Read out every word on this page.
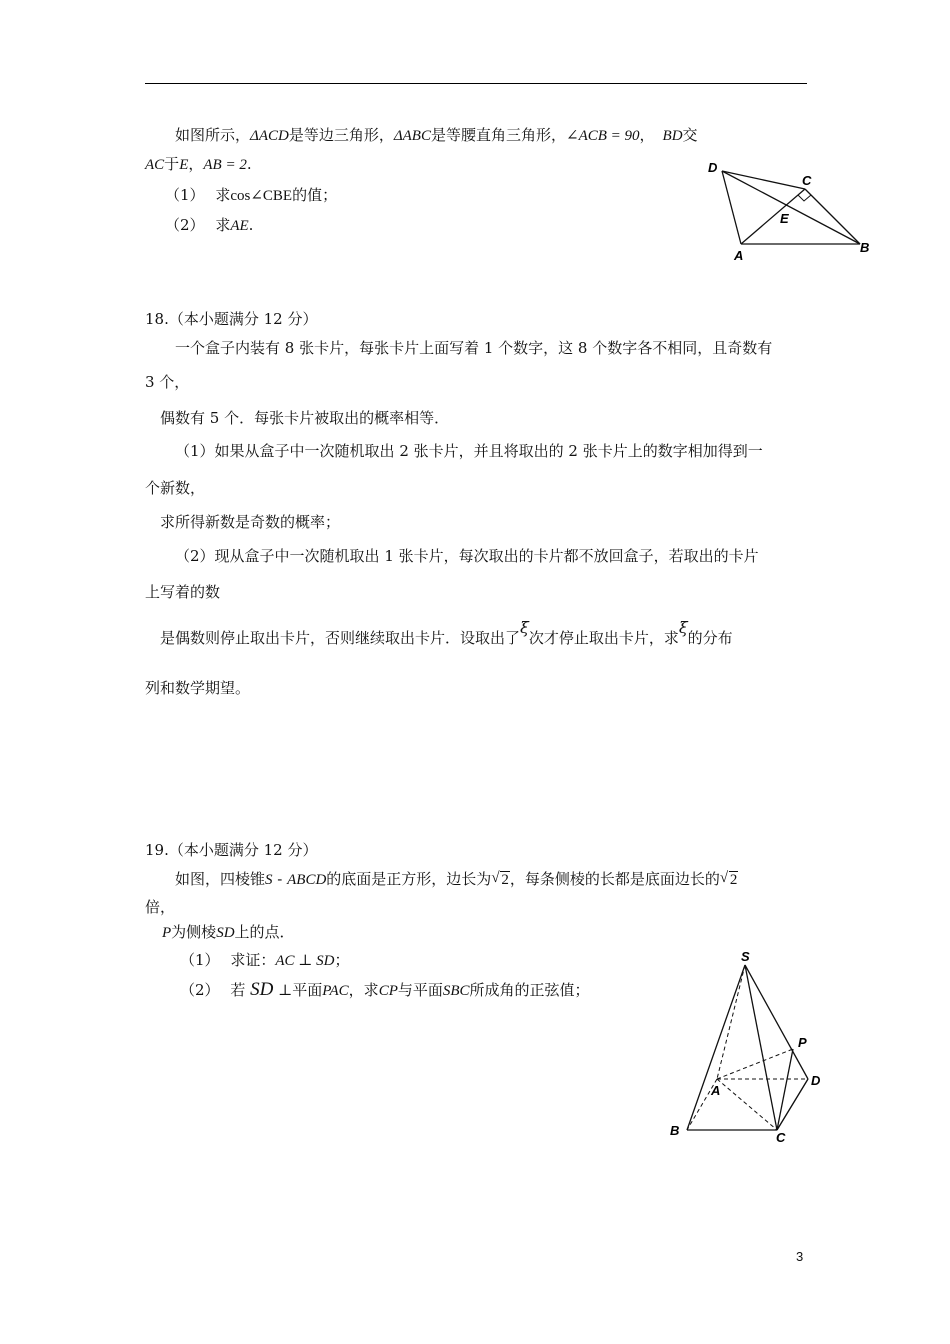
如图所示，ΔACD是等边三角形，ΔABC是等腰直角三角形，∠ACB = 90， BD交
AC于E，AB = 2.
（1） 求cos∠CBE的值；
（2） 求AE.
D
C
E
A
B
18.（本小题满分 12 分）
一个盒子内装有 8 张卡片，每张卡片上面写着 1 个数字，这 8 个数字各不相同，且奇数有
3 个，
偶数有 5 个．每张卡片被取出的概率相等．
（1）如果从盒子中一次随机取出 2 张卡片，并且将取出的 2 张卡片上的数字相加得到一
个新数，
求所得新数是奇数的概率；
（2）现从盒子中一次随机取出 1 张卡片，每次取出的卡片都不放回盒子，若取出的卡片
上写着的数
是偶数则停止取出卡片，否则继续取出卡片．设取出了ξ次才停止取出卡片，求ξ的分布
列和数学期望。
19.（本小题满分 12 分）
如图，四棱锥S - ABCD的底面是正方形，边长为 √ 2，每条侧棱的长都是底面边长的 √ 2
倍，
P为侧棱SD上的点．
（1） 求证：AC ⊥ SD；
（2） 若 SD ⊥平面PAC，求CP与平面SBC所成角的正弦值；
S
P
A
D
B	C
3
